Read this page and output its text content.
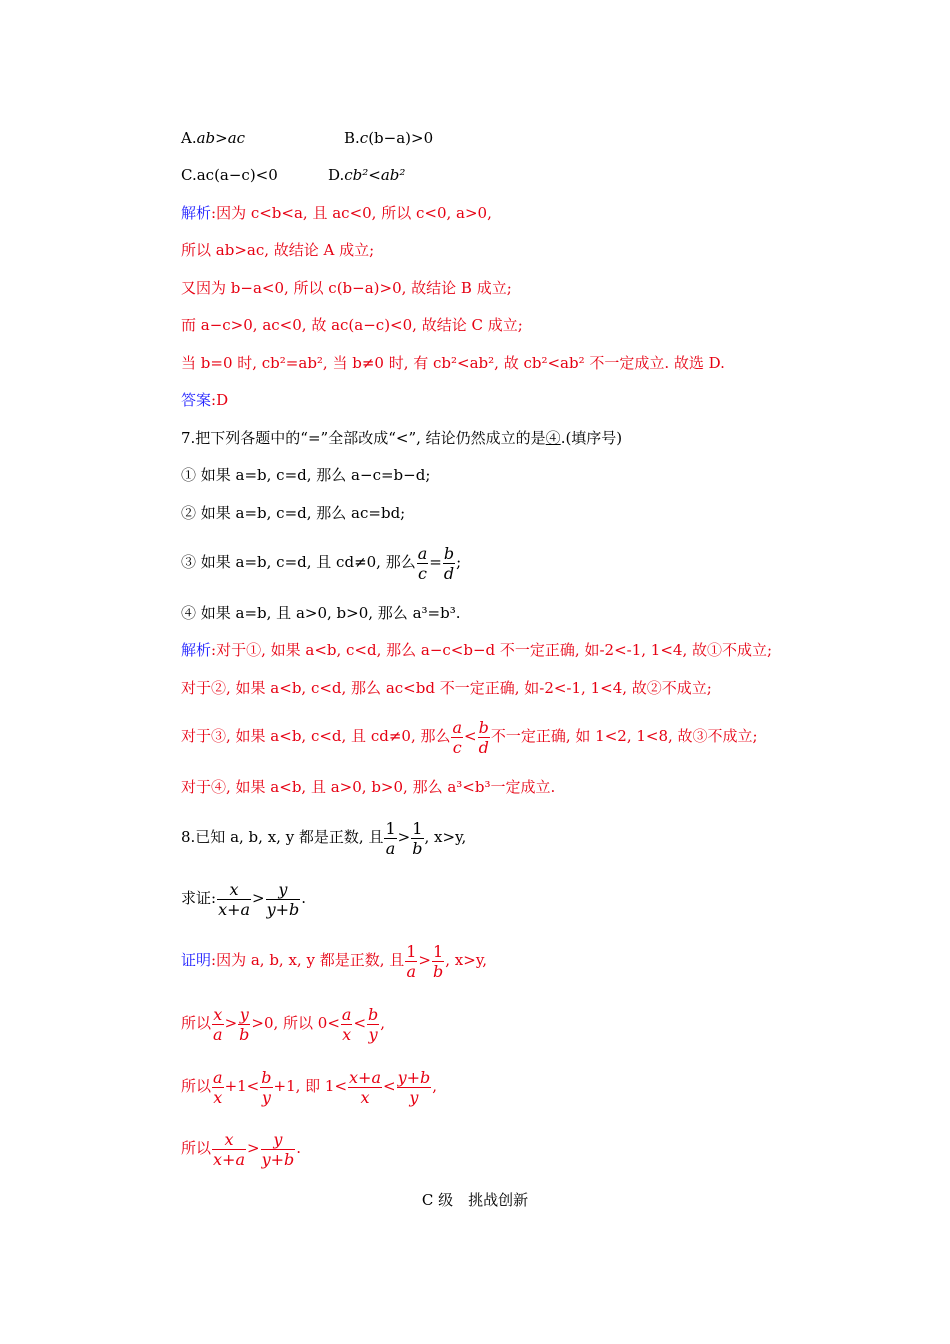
A.ab>ac	B.c(b−a)>0
C.ac(a−c)<0	D.cb²<ab²
解析:因为 c<b<a, 且 ac<0, 所以 c<0, a>0,
所以 ab>ac, 故结论 A 成立;
又因为 b−a<0, 所以 c(b−a)>0, 故结论 B 成立;
而 a−c>0, ac<0, 故 ac(a−c)<0, 故结论 C 成立;
当 b=0 时, cb²=ab², 当 b≠0 时, 有 cb²<ab², 故 cb²<ab² 不一定成立. 故选 D.
答案:D
7.把下列各题中的“=”全部改成“<”, 结论仍然成立的是④.(填序号)
① 如果 a=b, c=d, 那么 a−c=b−d;
② 如果 a=b, c=d, 那么 ac=bd;
③ 如果 a=b, c=d, 且 cd≠0, 那么 $\frac{a}{c} = \frac{b}{d}$ ;
④ 如果 a=b, 且 a>0, b>0, 那么 a³=b³.
解析:对于①, 如果 a<b, c<d, 那么 a−c<b−d 不一定正确, 如-2<-1, 1<4, 故①不成立;
对于②, 如果 a<b, c<d, 那么 ac<bd 不一定正确, 如-2<-1, 1<4, 故②不成立;
对于③, 如果 a<b, c<d, 且 cd≠0, 那么 $\frac{a}{c} < \frac{b}{d}$ 不一定正确, 如 1<2, 1<8, 故③不成立;
对于④, 如果 a<b, 且 a>0, b>0, 那么 a³<b³一定成立.
8.已知 a, b, x, y 都是正数, 且 $\frac{1}{a} > \frac{1}{b}$ , x>y,
求证: $\frac{x}{x+a} > \frac{y}{y+b}$ .
证明:因为 a, b, x, y 都是正数, 且 $\frac{1}{a} > \frac{1}{b}$ , x>y,
所以 $\frac{x}{a} > \frac{y}{b} >0$, 所以 $0< \frac{a}{x} < \frac{b}{y}$ ,
所以 $\frac{a}{x} +1< \frac{b}{y} +1$, 即 $1< \frac{x+a}{x} < \frac{y+b}{y}$ ,
所以 $\frac{x}{x+a} > \frac{y}{y+b}$ .
C 级　挑战创新
